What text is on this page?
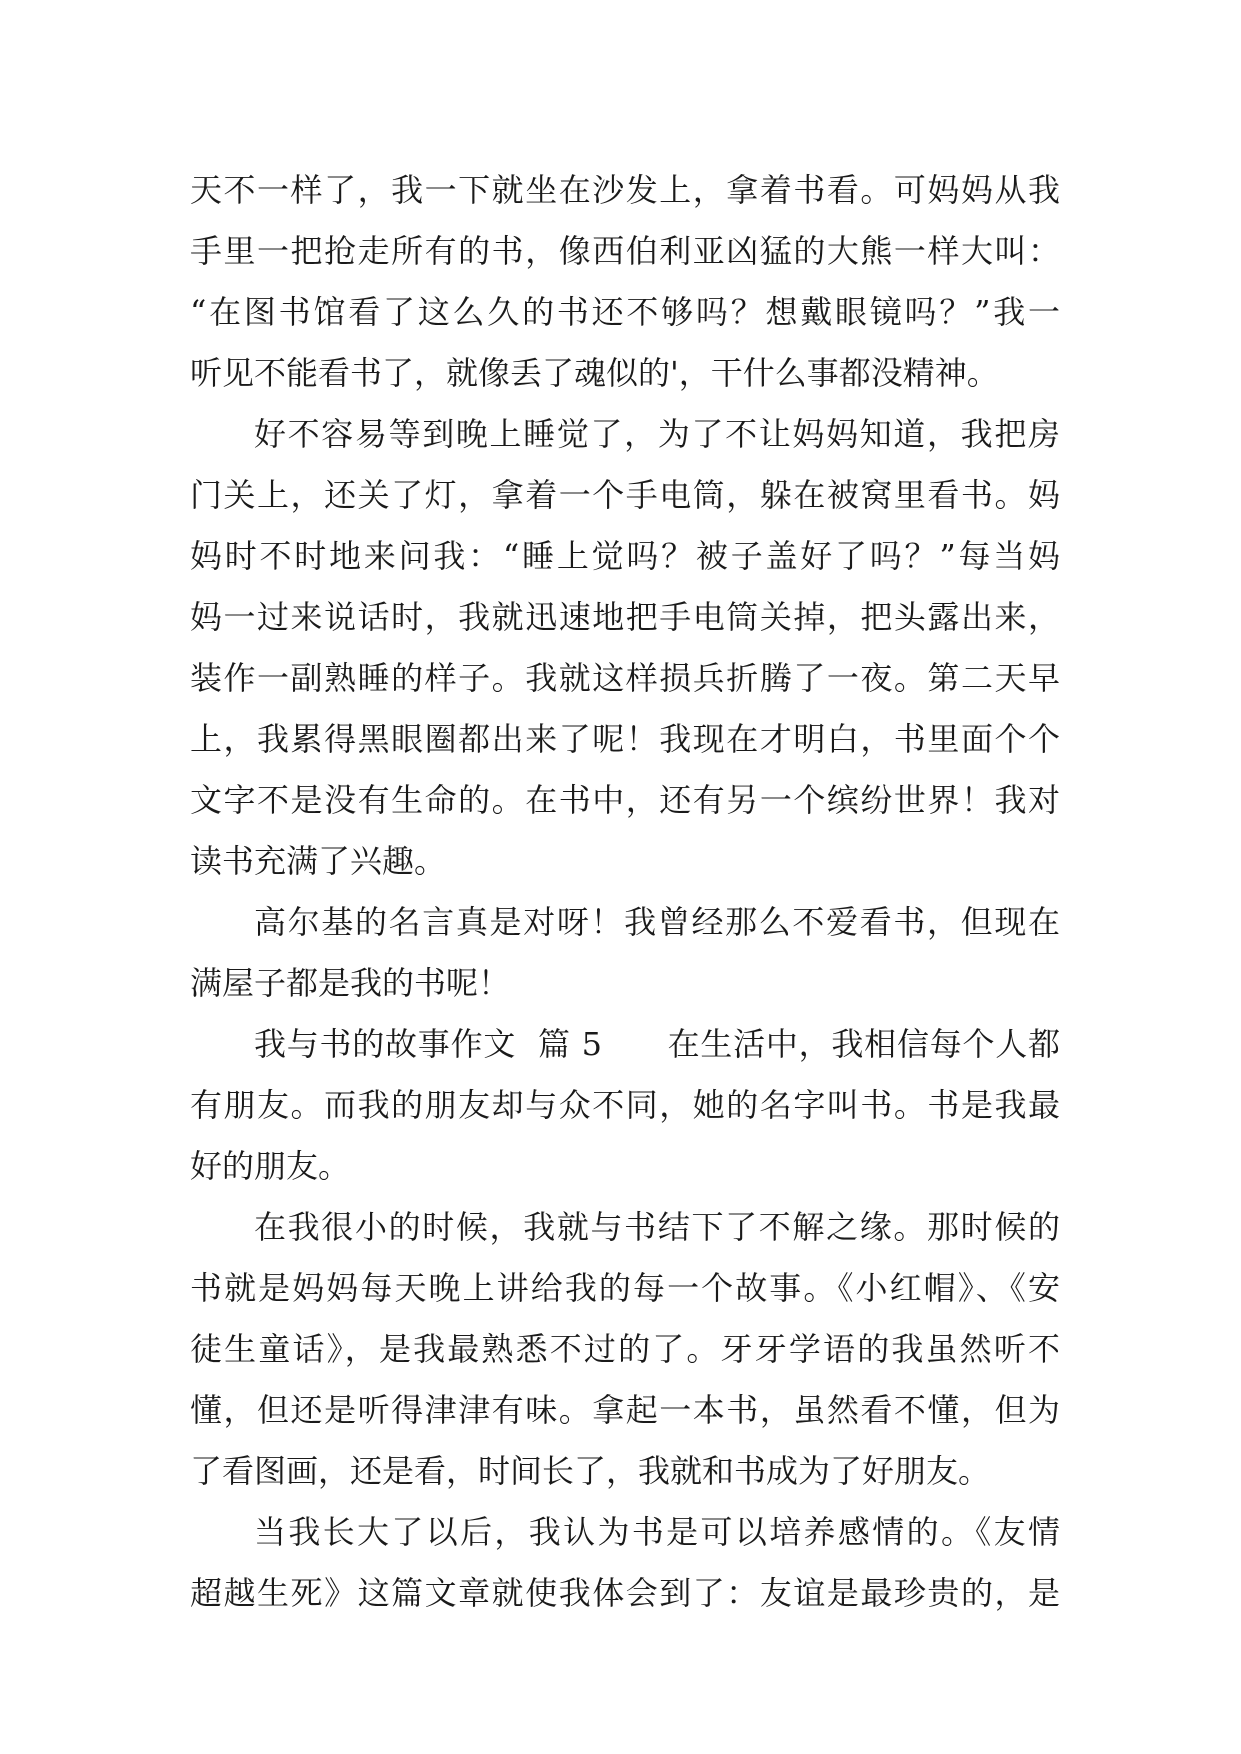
天不一样了，我一下就坐在沙发上，拿着书看。可妈妈从我
手里一把抢走所有的书，像西伯利亚凶猛的大熊一样大叫：
“在图书馆看了这么久的书还不够吗？想戴眼镜吗？”我一
听见不能看书了，就像丢了魂似的'，干什么事都没精神。
好不容易等到晚上睡觉了，为了不让妈妈知道，我把房
门关上，还关了灯，拿着一个手电筒，躲在被窝里看书。妈
妈时不时地来问我：“睡上觉吗？被子盖好了吗？”每当妈
妈一过来说话时，我就迅速地把手电筒关掉，把头露出来，
装作一副熟睡的样子。我就这样损兵折腾了一夜。第二天早
上，我累得黑眼圈都出来了呢！我现在才明白，书里面个个
文字不是没有生命的。在书中，还有另一个缤纷世界！我对
读书充满了兴趣。
高尔基的名言真是对呀！我曾经那么不爱看书，但现在
满屋子都是我的书呢！
我与书的故事作文  篇 5      在生活中，我相信每个人都
有朋友。而我的朋友却与众不同，她的名字叫书。书是我最
好的朋友。
在我很小的时候，我就与书结下了不解之缘。那时候的
书就是妈妈每天晚上讲给我的每一个故事。《小红帽》、《安
徒生童话》，是我最熟悉不过的了。牙牙学语的我虽然听不
懂，但还是听得津津有味。拿起一本书，虽然看不懂，但为
了看图画，还是看，时间长了，我就和书成为了好朋友。
当我长大了以后，我认为书是可以培养感情的。《友情
超越生死》这篇文章就使我体会到了：友谊是最珍贵的，是
